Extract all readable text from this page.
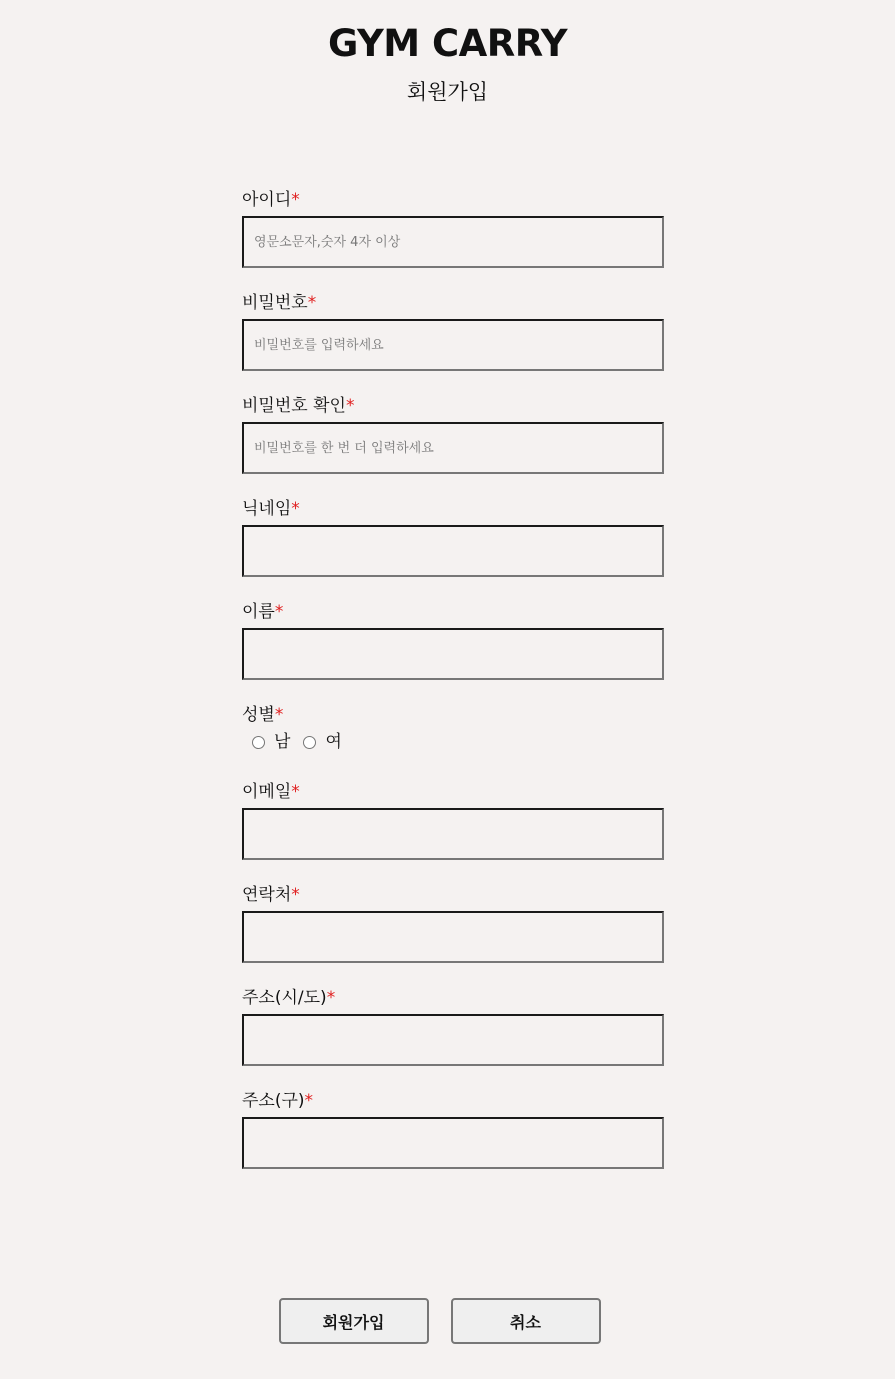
GYM CARRY
회원가입
아이디*
영문소문자,숫자 4자 이상
비밀번호*
비밀번호 확인*
닉네임*
이름*
성별*
남 여
이메일*
연락처*
주소(시/도)*
주소(구)*
회원가입	취소
